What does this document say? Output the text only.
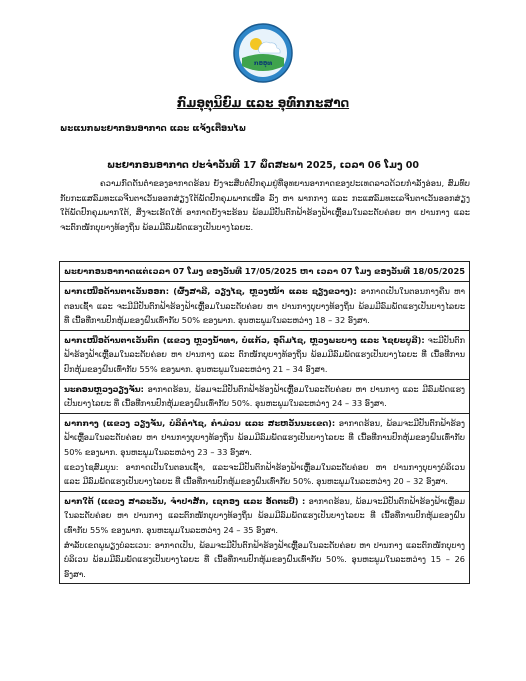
ກອອຸທ
ກົມອຸຕຸນິຍົມ ແລະ ອຸທົກກະສາດ
ພະແນກພະຍາກອນອາກາດ ແລະ ແຈ້ງເຕືອນໄພ
ພະຍາກອນອາກາດ ປະຈຳວັນທີ 17 ພຶດສະພາ 2025, ເວລາ 06 ໂມງ 00
ຄວາມກົດດັນຕໍ່າຂອງອາກາດຮ້ອນ ຍັງຈະສືບຕໍ່ປົກຄຸມຢູ່ທີ່ອຸທຍານອາກາດຂອງປະເທດລາວດ້ວຍກຳລັງອ່ອນ, ສົມທົບກັບກະແສລົມທະເລຈີນຕາເວັນອອກສ່ຽງໃຕ້ພັດປົກຄຸມພາກເໜືອ ລົງ ຫາ ພາກກາງ ແລະ ກະແສລົມທະເລຈີນຕາເວັນອອກສ່ຽງໃຕ້ພັດປົກຄຸມພາກໃຕ້, ສິ່ງຈະເຮັດໃຫ້ ອາກາດຍັງຈະຮ້ອນ ພ້ອມມີປັນຕົກຟ້າຮ້ອງຟ້າເຫຼື້ອມໃນລະດັບຄ່ອຍ ຫາ ປານກາງ ແລະ ຈະຕົກໜັກບຸບາງທ້ອງຖິ່ນ ພ້ອມມີລົມພັດແຮງເປັນບາງໄລຍະ.
ພະຍາກອນອາກາດແຕ່ເວລາ 07 ໂມງ ຂອງວັນທີ 17/05/2025 ຫາ ເວລາ 07 ໂມງ ຂອງວັນທີ 18/05/2025

ພາກເໜືອດ້ານຕາເວັນອອກ: (ຜົ້ງສາລີ, ວຽງໄຊ, ຫຼວງໜ້າ ແລະ ຊຽງຂວາງ): ອາກາດເປັນໃນຕອນກາງຄືນ ຫາ ຕອນເຊົ້າ ແລະ ຈະມີມີປັນຕົກຟ້າຮ້ອງຟ້າເຫຼື້ອມໃນລະດັບຄ່ອຍ ຫາ ປານກາງບຸບາງທ້ອງຖິ່ນ ພ້ອມມີລົມພັດແຮງເປັນບາງໄລຍະ ທີ່ ເນື້ອທີ່ການປົກຫຸ້ມຂອງຝົນເທົ່າກັບ 50% ຂອງພາກ. ອຸນຫະພູມໃນລະຫວ່າງ 18 – 32 ອົງສາ.

ພາກເໜືອດ້ານຕາເວັນຕົກ (ແຂວງ ຫຼວງນ້ຳທາ, ບໍ່ແກ້ວ, ອຸດົມໄຊ, ຫຼວງພະບາງ ແລະ ໄຊຍະບູລີ): ຈະມີປັນຕົກຟ້າຮ້ອງຟ້າເຫຼື້ອມໃນລະດັບຄ່ອຍ ຫາ ປານກາງ ແລະ ຕົກໜັກບຸບາງທ້ອງຖິ່ນ ພ້ອມມີລົມພັດແຮງເປັນບາງໄລຍະ ທີ່ ເນື້ອທີ່ການປົກຫຸ້ມຂອງຝົນເທົ່າກັບ 55% ຂອງພາກ. ອຸນຫະພູມໃນລະຫວ່າງ 21 – 34 ອົງສາ.

ນະຄອນຫຼວງວຽງຈັນ: ອາກາດຮ້ອນ, ພ້ອມຈະມີປັນຕົກຟ້າຮ້ອງຟ້າເຫຼື້ອມໃນລະດັບຄ່ອຍ ຫາ ປານກາງ ແລະ ມີລົມພັດແຮງເປັນບາງໄລຍະ ທີ່ ເນື້ອທີ່ການປົກຫຸ້ມຂອງຝົນເທົ່າກັບ 50%. ອຸນຫະພູມໃນລະຫວ່າງ 24 – 33 ອົງສາ.

ພາກກາງ (ແຂວງ ວຽງຈັນ, ບໍລິຄຳໄຊ, ຄຳມ່ວນ ແລະ ສະຫວັນນະເຂດ): ອາກາດຮ້ອນ, ພ້ອມຈະມີປັນຕົກຟ້າຮ້ອງຟ້າເຫຼື້ອມໃນລະດັບຄ່ອຍ ຫາ ປານກາງບຸບາງທ້ອງຖິ່ນ ພ້ອມມີລົມພັດແຮງເປັນບາງໄລຍະ ທີ່ ເນື້ອທີ່ການປົກຫຸ້ມຂອງຝົນເທົ່າກັບ 50% ຂອງພາກ. ອຸນຫະພູມໃນລະຫວ່າງ 23 – 33 ອົງສາ.

ແຂວງໄຊສົມບູນ: ອາກາດເປັນໃນຕອນເຊົ້າ, ແລະຈະມີປັນຕົກຟ້າຮ້ອງຟ້າເຫຼື້ອມໃນລະດັບຄ່ອຍ ຫາ ປານກາງບຸບາງບໍລິເວນ ແລະ ມີລົມພັດແຮງເປັນບາງໄລຍະ ທີ່ ເນື້ອທີ່ການປົກຫຸ້ມຂອງຝົນເທົ່າກັບ 50%. ອຸນຫະພູມໃນລະຫວ່າງ 20 – 32 ອົງສາ.

ພາກໃຕ້ (ແຂວງ ສາລະວັນ, ຈຳປາສັກ, ເຊກອງ ແລະ ອັດຕະປື) : ອາກາດຮ້ອນ, ພ້ອມຈະມີປັນຕົກຟ້າຮ້ອງຟ້າເຫຼື້ອມໃນລະດັບຄ່ອຍ ຫາ ປານກາງ ແລະຕົກໜັກບຸບາງທ້ອງຖິ່ນ ພ້ອມມີລົມພັດແຮງເປັນບາງໄລຍະ ທີ່ ເນື້ອທີ່ການປົກຫຸ້ມຂອງຝົນເທົ່າກັບ 55% ຂອງພາກ. ອຸນຫະພູມໃນລະຫວ່າງ 24 – 35 ອົງສາ.

ສຳລັບເຂດພູພຽງບໍລະເວນ: ອາກາດເປັນ, ພ້ອມຈະມີປັນຕົກຟ້າຮ້ອງຟ້າເຫຼື້ອມໃນລະດັບຄ່ອຍ ຫາ ປານກາງ ແລະຕົກໜັກບຸບາງບໍລິເວນ ພ້ອມມີລົມພັດແຮງເປັນບາງໄລຍະ ທີ່ ເນື້ອທີ່ການປົກຫຸ້ມຂອງຝົນເທົ່າກັບ 50%. ອຸນຫະພູມໃນລະຫວ່າງ 15 – 26 ອົງສາ.
